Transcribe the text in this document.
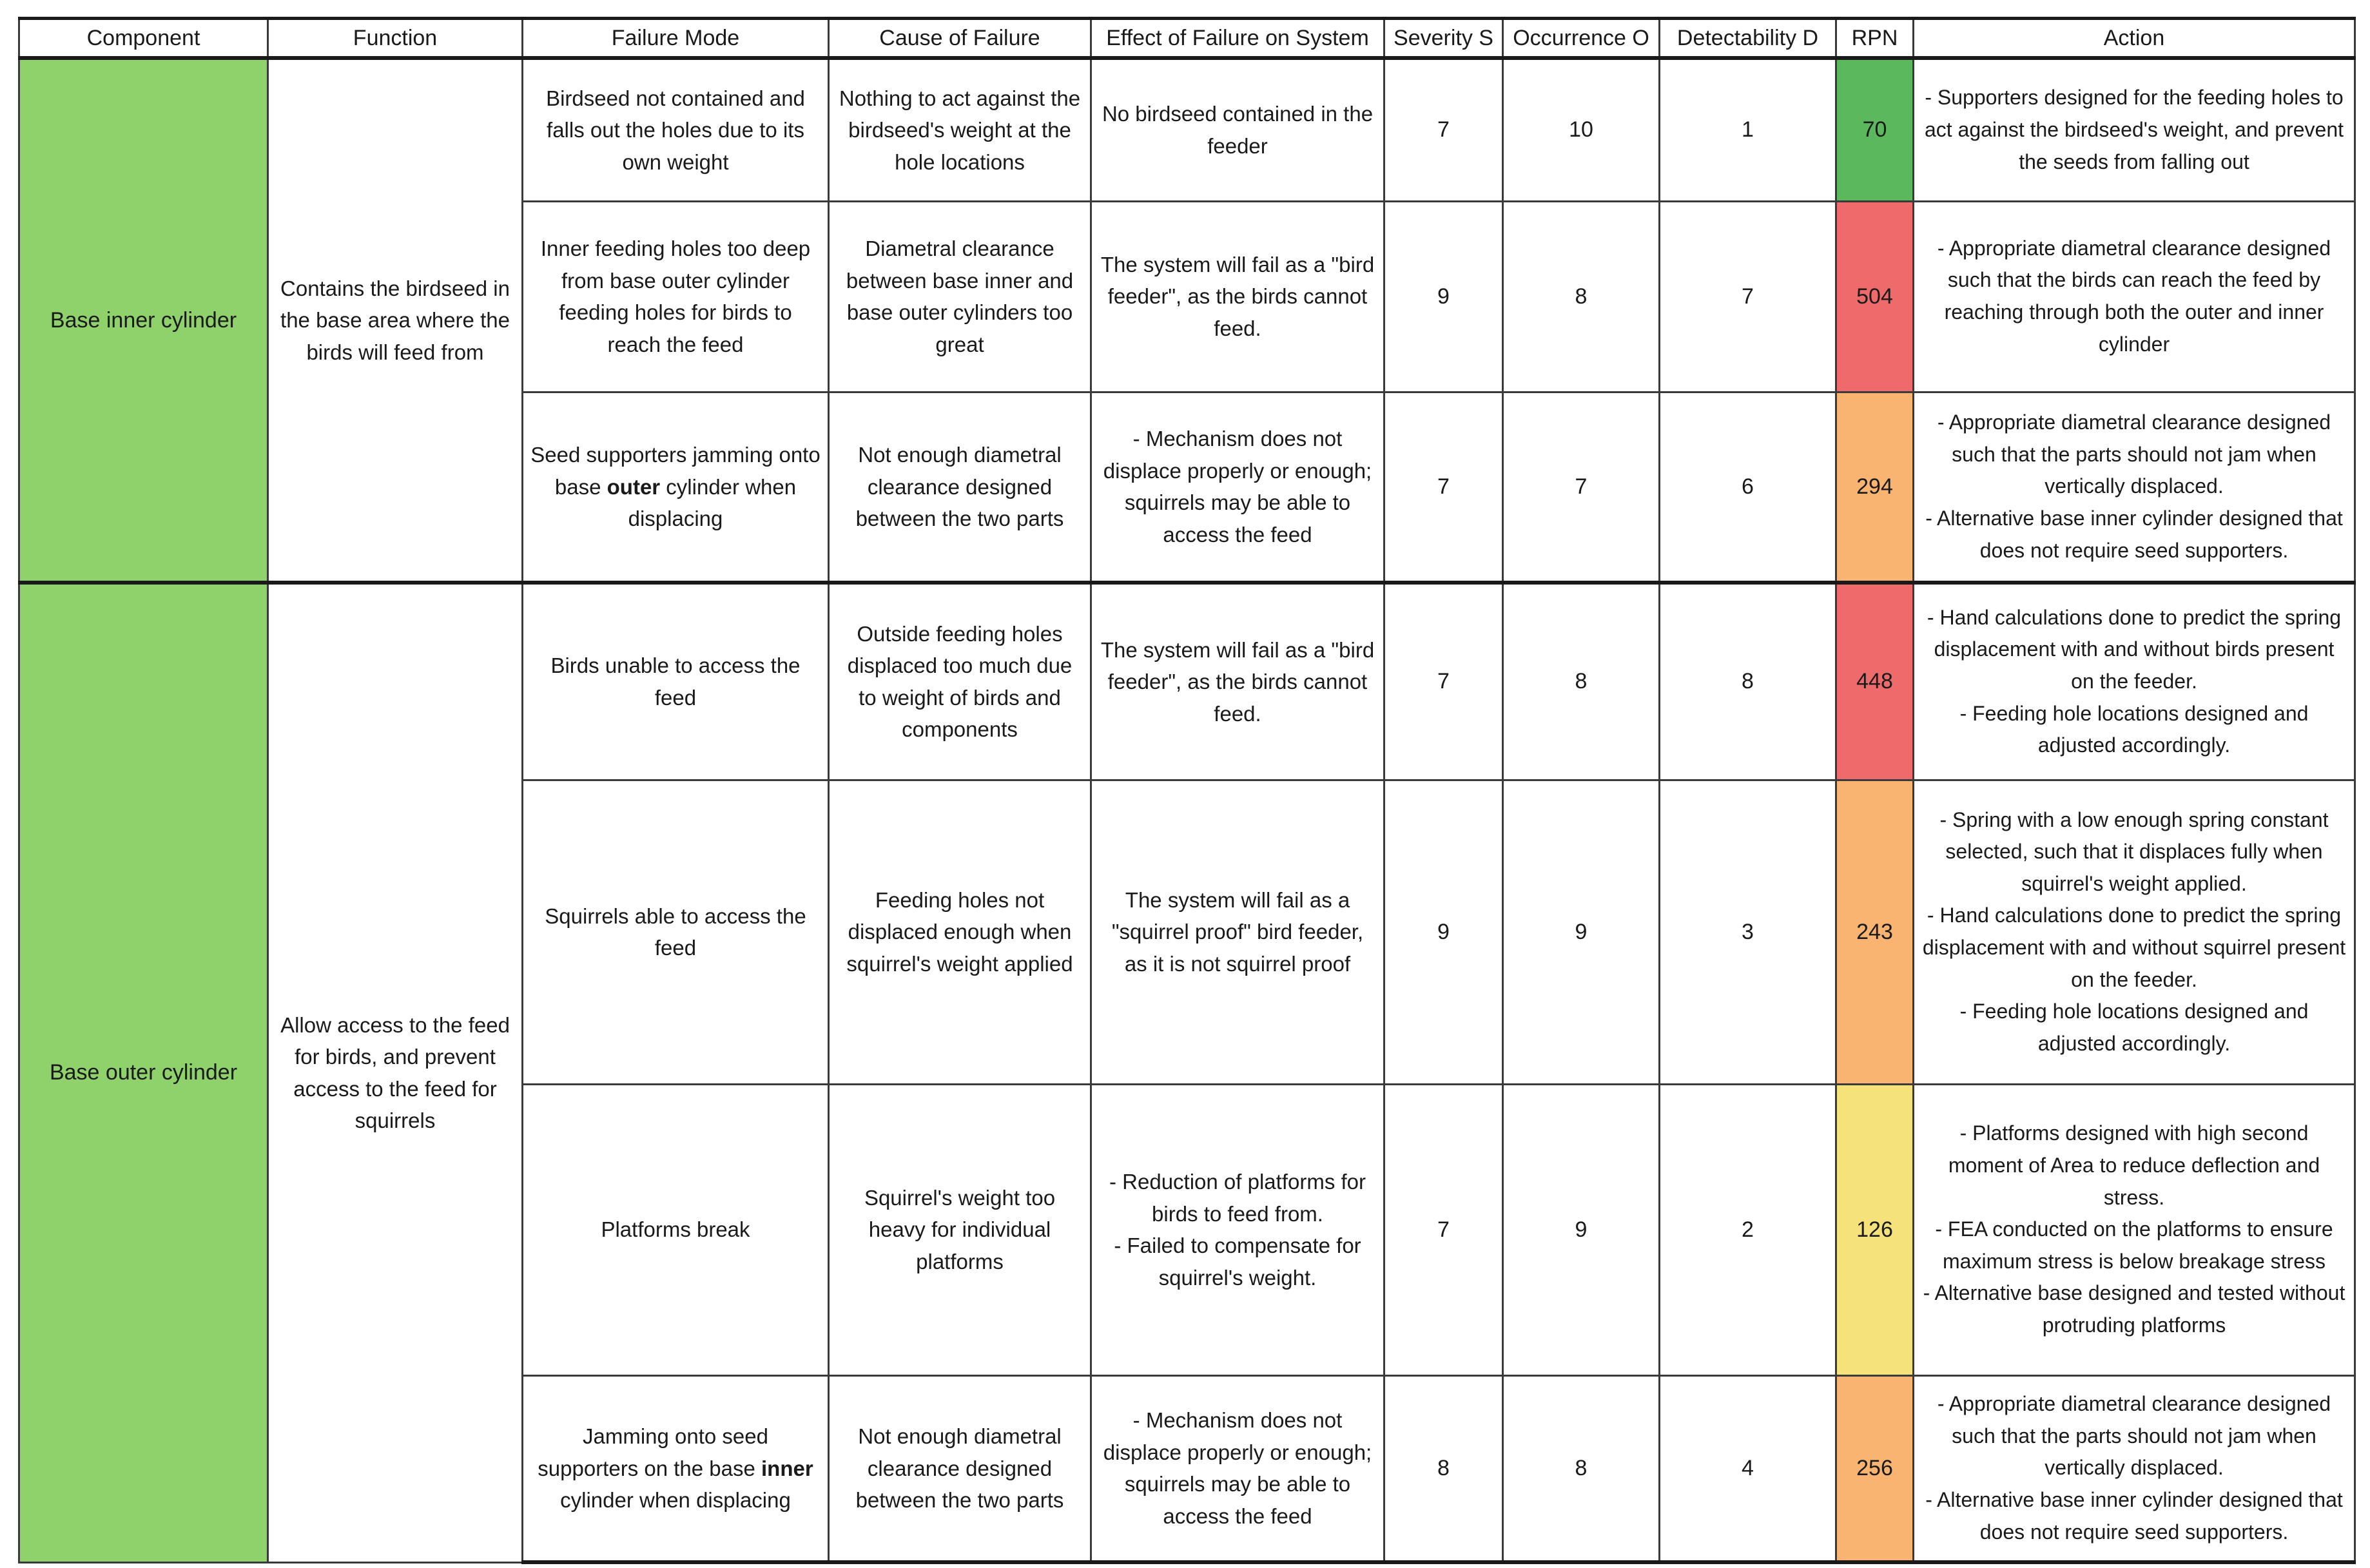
Component	Function	Failure Mode	Cause of Failure	Effect of Failure on System	Severity S	Occurrence O	Detectability D	RPN	Action
Base inner cylinder	Contains the birdseed in the base area where the birds will feed from	Birdseed not contained and falls out the holes due to its own weight	Nothing to act against the birdseed's weight at the hole locations	No birdseed contained in the feeder	7	10	1	70	- Supporters designed for the feeding holes to act against the birdseed's weight, and prevent the seeds from falling out

		Inner feeding holes too deep from base outer cylinder feeding holes for birds to reach the feed	Diametral clearance between base inner and base outer cylinders too great	The system will fail as a "bird feeder", as the birds cannot feed.	9	8	7	504	- Appropriate diametral clearance designed such that the birds can reach the feed by reaching through both the outer and inner cylinder

		Seed supporters jamming onto base outer cylinder when displacing	Not enough diametral clearance designed between the two parts	- Mechanism does not displace properly or enough; squirrels may be able to access the feed	7	7	6	294	- Appropriate diametral clearance designed such that the parts should not jam when vertically displaced.
- Alternative base inner cylinder designed that does not require seed supporters.

Base outer cylinder	Allow access to the feed for birds, and prevent access to the feed for squirrels	Birds unable to access the feed	Outside feeding holes displaced too much due to weight of birds and components	The system will fail as a "bird feeder", as the birds cannot feed.	7	8	8	448	- Hand calculations done to predict the spring displacement with and without birds present on the feeder.
- Feeding hole locations designed and adjusted accordingly.

		Squirrels able to access the feed	Feeding holes not displaced enough when squirrel's weight applied	The system will fail as a "squirrel proof" bird feeder, as it is not squirrel proof	9	9	3	243	- Spring with a low enough spring constant selected, such that it displaces fully when squirrel's weight applied.
- Hand calculations done to predict the spring displacement with and without squirrel present on the feeder.
- Feeding hole locations designed and adjusted accordingly.

		Platforms break	Squirrel's weight too heavy for individual platforms	- Reduction of platforms for birds to feed from.
- Failed to compensate for squirrel's weight.	7	9	2	126	- Platforms designed with high second moment of Area to reduce deflection and stress.
- FEA conducted on the platforms to ensure maximum stress is below breakage stress
- Alternative base designed and tested without protruding platforms

		Jamming onto seed supporters on the base inner cylinder when displacing	Not enough diametral clearance designed between the two parts	- Mechanism does not displace properly or enough; squirrels may be able to access the feed	8	8	4	256	- Appropriate diametral clearance designed such that the parts should not jam when vertically displaced.
- Alternative base inner cylinder designed that does not require seed supporters.
